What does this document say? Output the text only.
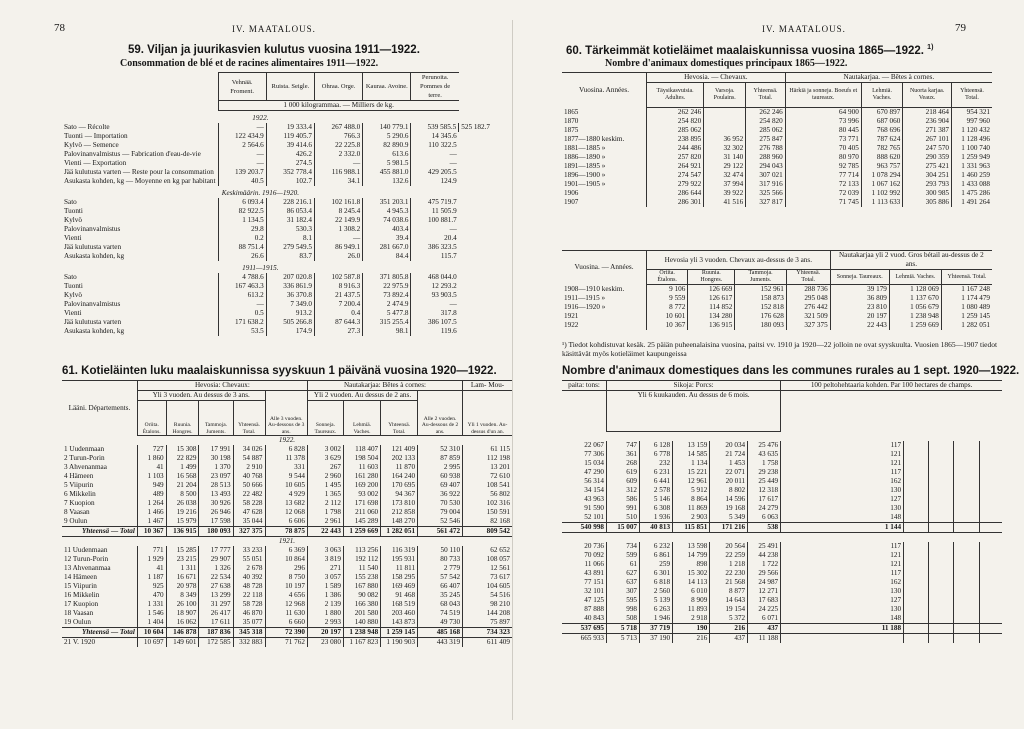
78	IV. MAATALOUS.
59. Viljan ja juurikasvien kulutus vuosina 1911—1922.
Consommation de blé et de racines alimentaires 1911—1922.
	Vehnää. Froment.	Ruista. Seigle.	Ohraa. Orge.	Kauraa. Avoine.	Perunoita. Pommes de terre.	
	1 000 kilogrammaa. — Milliers de kg.					
1922.						
Sato — Récolte	—	19 333.4	267 488.0	140 779.1	539 585.5	525 182.7
Tuonti — Importation	122 434.9	119 405.7	766.3	5 290.6	14 345.6	
Kylvö — Semence	2 564.6	39 414.6	22 225.8	82 890.9	110 322.5	
Palovinanvalmistus — Fabrication d'eau-de-vie	—	426.2	2 332.0	613.6	—	
Vienti — Exportation	—	274.5	—	5 981.5	—	
Jää kulutusta varten — Reste pour la consommation	139 203.7	352 778.4	116 988.1	455 881.0	429 205.5	
Asukasta kohden, kg — Moyenne en kg par habitant	40.5	102.7	34.1	132.6	124.9	
Keskimäärin. 1916—1920.						
Sato	6 093.4	228 216.1	102 161.8	351 203.1	475 719.7	
Tuonti	82 922.5	86 053.4	8 245.4	4 945.3	11 505.9	
Kylvö	1 134.5	31 182.4	22 149.9	74 038.6	100 881.7	
Palovinanvalmistus	29.8	530.3	1 308.2	403.4	—	
Vienti	0.2	8.1	—	39.4	20.4	
Jää kulutusta varten	88 751.4	279 549.5	86 949.1	281 667.0	386 323.5	
Asukasta kohden, kg	26.6	83.7	26.0	84.4	115.7	
1911—1915.						
Sato	4 788.6	207 020.8	102 587.8	371 805.8	468 044.0	
Tuonti	167 463.3	336 861.9	8 916.3	22 975.9	12 293.2	
Kylvö	613.2	36 370.8	21 437.5	73 892.4	93 903.5	
Palovinanvalmistus	—	7 349.0	7 200.4	2 474.9	—	
Vienti	0.5	913.2	0.4	5 477.8	317.8	
Jää kulutusta varten	171 638.2	505 266.8	87 644.3	315 255.4	386 107.5	
Asukasta kohden, kg	53.5	174.9	27.3	98.1	119.6	
61. Kotieläinten luku maalaiskunnissa syyskuun 1 päivänä vuosina 1920—1922.
Lääni. Départements.	Hevosia: Chevaux:					Nautakarjaa: Bêtes à cornes:				Lam- Mou-
	Yli 3 vuoden. Au dessus de 3 ans.					Yli 2 vuoden. Au dessus de 2 ans.				
	Oriita. Étalons.	Ruunia. Hongres.	Tammoja. Juments.	Yhteensä. Total.	Alle 3 vuoden. Au-dessous de 3 ans.	Sonneja. Taureaux.	Lehmiä. Vaches.	Yhteensä. Total.	Alle 2 vuoden. Au-dessous de 2 ans.	Yli 1 vuoden. Au-dessus d'un an.
1922.										
1 Uudenmaan	727	15 308	17 991	34 026	6 828	3 002	118 407	121 409	52 310	61 115
2 Turun-Porin	1 860	22 829	30 198	54 887	11 378	3 629	198 504	202 133	87 859	112 198
3 Ahvenanmaa	41	1 499	1 370	2 910	331	267	11 603	11 870	2 995	13 201
4 Hämeen	1 103	16 568	23 097	40 768	9 544	2 960	161 280	164 240	60 938	72 610
5 Viipurin	949	21 204	28 513	50 666	10 605	1 495	169 200	170 695	69 407	108 541
6 Mikkelin	489	8 500	13 493	22 482	4 929	1 365	93 002	94 367	36 922	56 802
7 Kuopion	1 264	26 038	30 926	58 228	13 682	2 112	171 698	173 810	70 530	102 316
8 Vaasan	1 466	19 216	26 946	47 628	12 068	1 798	211 060	212 858	79 004	150 591
9 Oulun	1 467	15 979	17 598	35 044	6 606	2 961	145 289	148 270	52 546	82 168
Yhteensä — Total	10 367	136 915	180 093	327 375	78 875	22 443	1 259 669	1 282 051	561 472	809 542
1921.										
11 Uudenmaan	771	15 285	17 777	33 233	6 369	3 063	113 256	116 319	50 110	62 652
12 Turun-Porin	1 929	23 215	29 907	55 051	10 864	3 819	192 112	195 931	80 733	108 057
13 Ahvenanmaa	41	1 311	1 326	2 678	296	271	11 540	11 811	2 779	12 561
14 Hämeen	1 187	16 671	22 534	40 392	8 750	3 057	155 238	158 295	57 542	73 617
15 Viipurin	925	20 978	27 638	48 728	10 197	1 589	167 880	169 469	66 407	104 605
16 Mikkelin	470	8 349	13 299	22 118	4 656	1 386	90 082	91 468	35 245	54 516
17 Kuopion	1 331	26 100	31 297	58 728	12 968	2 139	166 380	168 519	68 043	98 210
18 Vaasan	1 546	18 907	26 417	46 870	11 630	1 880	201 580	203 460	74 519	144 208
19 Oulun	1 404	16 062	17 611	35 077	6 660	2 993	140 880	143 873	49 730	75 897
Yhteensä — Total	10 604	146 878	187 836	345 318	72 390	20 197	1 238 948	1 259 145	485 168	734 323
21 V. 1920	10 697	149 601	172 585	332 883	71 762	23 080	1 167 823	1 190 903	443 319	611 409
IV. MAATALOUS.	79
60. Tärkeimmät kotieläimet maalaiskunnissa vuosina 1865—1922. $^{1)}$
Nombre d'animaux domestiques principaux 1865—1922.
Vuosina. Années.	Hevosia. — Chevaux.			Nautakarjaa. — Bêtes à cornes.			
	Täysikasvuisia. Adultes.	Varsoja. Poulains.	Yhteensä. Total.	Härkiä ja sonneja. Boeufs et taureaux.	Lehmiä. Vaches.	Nuorta karjaa. Veaux.	Yhteensä. Total.
1865	262 246		262 246	64 900	670 897	218 464	954 321
1870	254 820		254 820	73 996	687 060	236 904	997 960
1875	285 062		285 062	80 445	768 696	271 387	1 120 432
1877—1880 keskim.	238 895	36 952	275 847	73 771	787 624	267 101	1 128 496
1881—1885 »	244 486	32 302	276 788	70 405	782 765	247 570	1 100 740
1886—1890 »	257 820	31 140	288 960	80 970	888 620	290 359	1 259 949
1891—1895 »	264 921	29 122	294 043	92 785	963 757	275 421	1 331 963
1896—1900 »	274 547	32 474	307 021	77 714	1 078 294	304 251	1 460 259
1901—1905 »	279 922	37 994	317 916	72 133	1 067 162	293 793	1 433 088
1906	286 644	39 922	325 566	72 039	1 102 992	300 985	1 475 286
1907	286 301	41 516	327 817	71 745	1 113 633	305 886	1 491 264
Vuosina. — Années.	Hevosia yli 3 vuoden. Chevaux au-dessus de 3 ans.				Nautakarjaa yli 2 vuod. Gros bétail au-dessus de 2 ans.		
	Oriita. Étalons.	Ruunia. Hongres.	Tammoja. Juments.	Yhteensä. Total.	Sonneja. Taureaux.	Lehmiä. Vaches.	Yhteensä. Total.
1908—1910 keskim.	9 106	126 669	152 961	288 736	39 179	1 128 069	1 167 248
1911—1915 »	9 559	126 617	158 873	295 048	36 809	1 137 670	1 174 479
1916—1920 »	8 772	114 852	152 818	276 442	23 810	1 056 679	1 080 489
1921	10 601	134 280	176 628	321 509	20 197	1 238 948	1 259 145
1922	10 367	136 915	180 093	327 375	22 443	1 259 669	1 282 051
¹) Tiedot kohdistuvat kesäk. 25 päiän puheenalaisina vuosina, paitsi vv. 1910 ja 1920—22 jolloin ne ovat syyskuulta. Vuosien 1865—1907 tiedot käsittävät myös kotieläimet kaupungeissa
Nombre d'animaux domestiques dans les communes rurales au 1 sept. 1920—1922.
paita: tons:	Sikoja: Porcs:					100 peltohehtaaria kohden. Par 100 hectares de champs.				
	Yli 6 kuukauden. Au dessus de 6 mois.									

22 067	747	6 128	13 159	20 034	25 476	117				
77 306	361	6 778	14 585	21 724	43 635	121				
15 034	268	232	1 134	1 453	1 758	121				
47 290	619	6 231	15 221	22 071	29 238	117				
56 314	609	6 441	12 961	20 011	25 449	162				
34 154	312	2 578	5 912	8 802	12 318	130				
43 963	586	5 146	8 864	14 596	17 617	127				
91 590	991	6 308	11 869	19 168	24 279	130				
52 101	510	1 936	2 903	5 349	6 063	148				
540 998	15 007	40 813	115 851	171 216	538	1 144				

20 736	734	6 232	13 598	20 564	25 491	117				
70 092	599	6 861	14 799	22 259	44 238	121				
11 066	61	259	898	1 218	1 722	121				
43 891	627	6 301	15 302	22 230	29 566	117				
77 151	637	6 818	14 113	21 568	24 987	162				
32 101	307	2 560	6 010	8 877	12 271	130				
47 125	595	5 139	8 909	14 643	17 683	127				
87 888	998	6 263	11 893	19 154	24 225	130				
40 843	508	1 946	2 918	5 372	6 071	148				
537 695	5 718	37 719	190	216	437	11 188				
665 933	5 713	37 190	216	437	11 188					
